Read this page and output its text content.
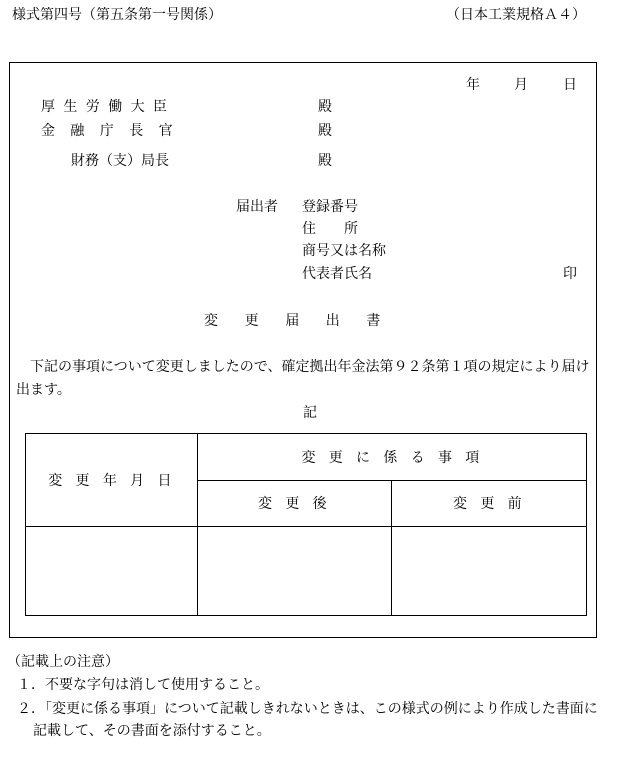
様式第四号（第五条第一号関係）	（日本工業規格Ａ４）
年 月	日
厚生労働大臣	殿
金融庁長官	殿
財務（支）局長	殿
届出者 登録番号
住　　所
商号又は名称
代表者氏名	印
変更届出書
　下記の事項について変更しましたので、確定拠出年金法第９２条第１項の規定により届け出ます。
記
変更年月日
変更に係る事項
変更後	変更前
（記載上の注意）
１．不要な字句は消して使用すること。
２．「変更に係る事項」について記載しきれないときは、この様式の例により作成した書面に記載して、その書面を添付すること。
